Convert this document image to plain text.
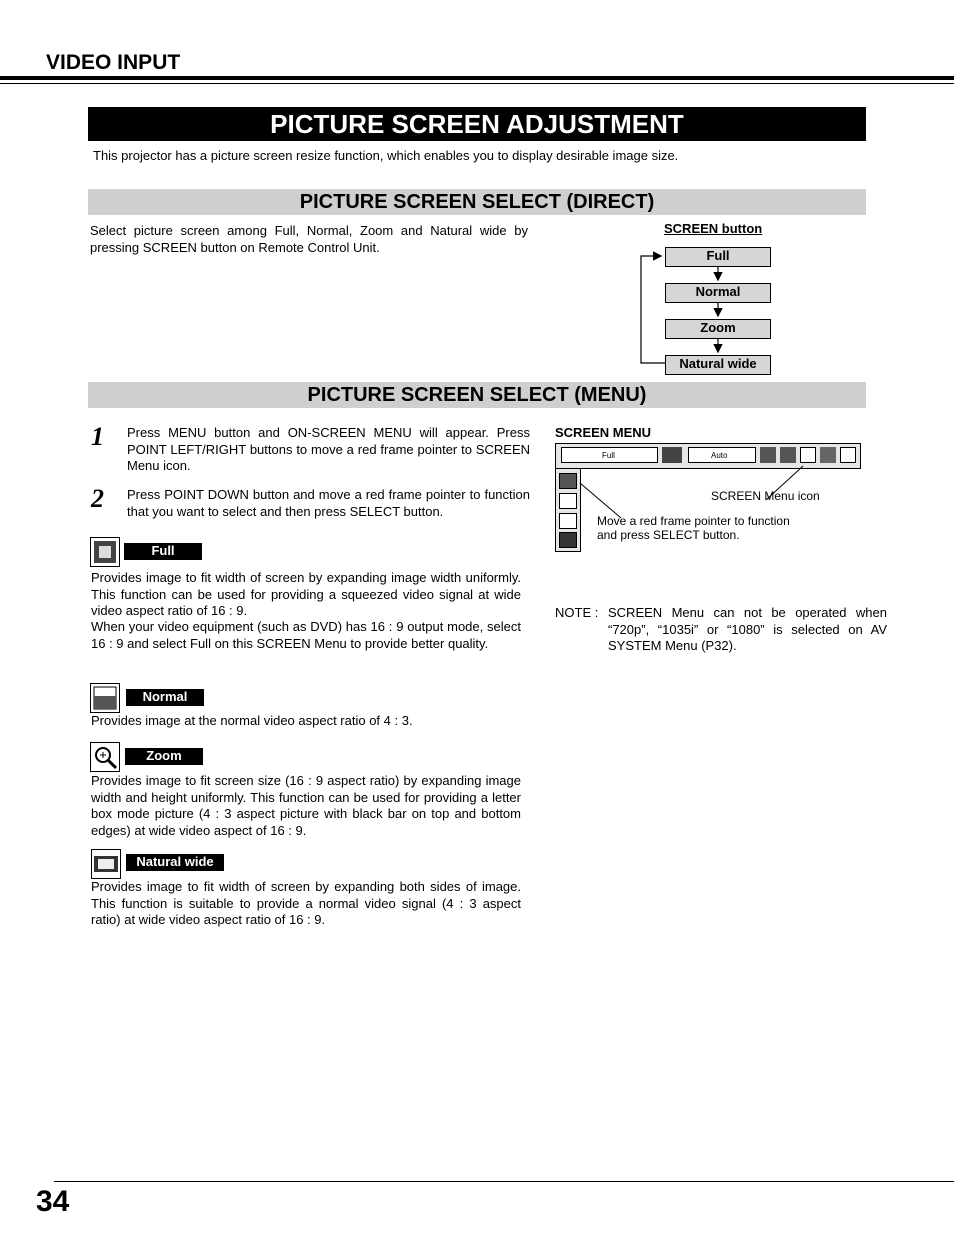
VIDEO INPUT
PICTURE SCREEN ADJUSTMENT
This projector has a picture screen resize function, which enables you to display desirable image size.
PICTURE SCREEN SELECT (DIRECT)
Select picture screen among Full, Normal, Zoom and Natural wide by pressing SCREEN button on Remote Control Unit.
SCREEN button
Full
Normal
Zoom
Natural wide
PICTURE SCREEN SELECT (MENU)
1 Press MENU button and ON-SCREEN MENU will appear. Press POINT LEFT/RIGHT buttons to move a red frame pointer to SCREEN Menu icon.
2 Press POINT DOWN button and move a red frame pointer to function that you want to select and then press SELECT button.
SCREEN MENU
Full	Auto
SCREEN Menu icon
Move a red frame pointer to function
and press SELECT button.
NOTE : SCREEN Menu can not be operated when “720p”, “1035i” or “1080” is selected on AV SYSTEM Menu (P32).
Full
Provides image to fit width of screen by expanding image width uniformly. This function can be used for providing a squeezed video signal at wide video aspect ratio of 16 : 9.
When your video equipment (such as DVD) has 16 : 9 output mode, select 16 : 9 and select Full on this SCREEN Menu to provide better quality.
Normal
Provides image at the normal video aspect ratio of 4 : 3.
Zoom
Provides image to fit screen size (16 : 9 aspect ratio) by expanding image width and height uniformly. This function can be used for providing a letter box mode picture (4 : 3 aspect picture with black bar on top and bottom edges) at wide video aspect of 16 : 9.
Natural wide
Provides image to fit width of screen by expanding both sides of image. This function is suitable to provide a normal video signal (4 : 3 aspect ratio) at wide video aspect ratio of 16 : 9.
34
